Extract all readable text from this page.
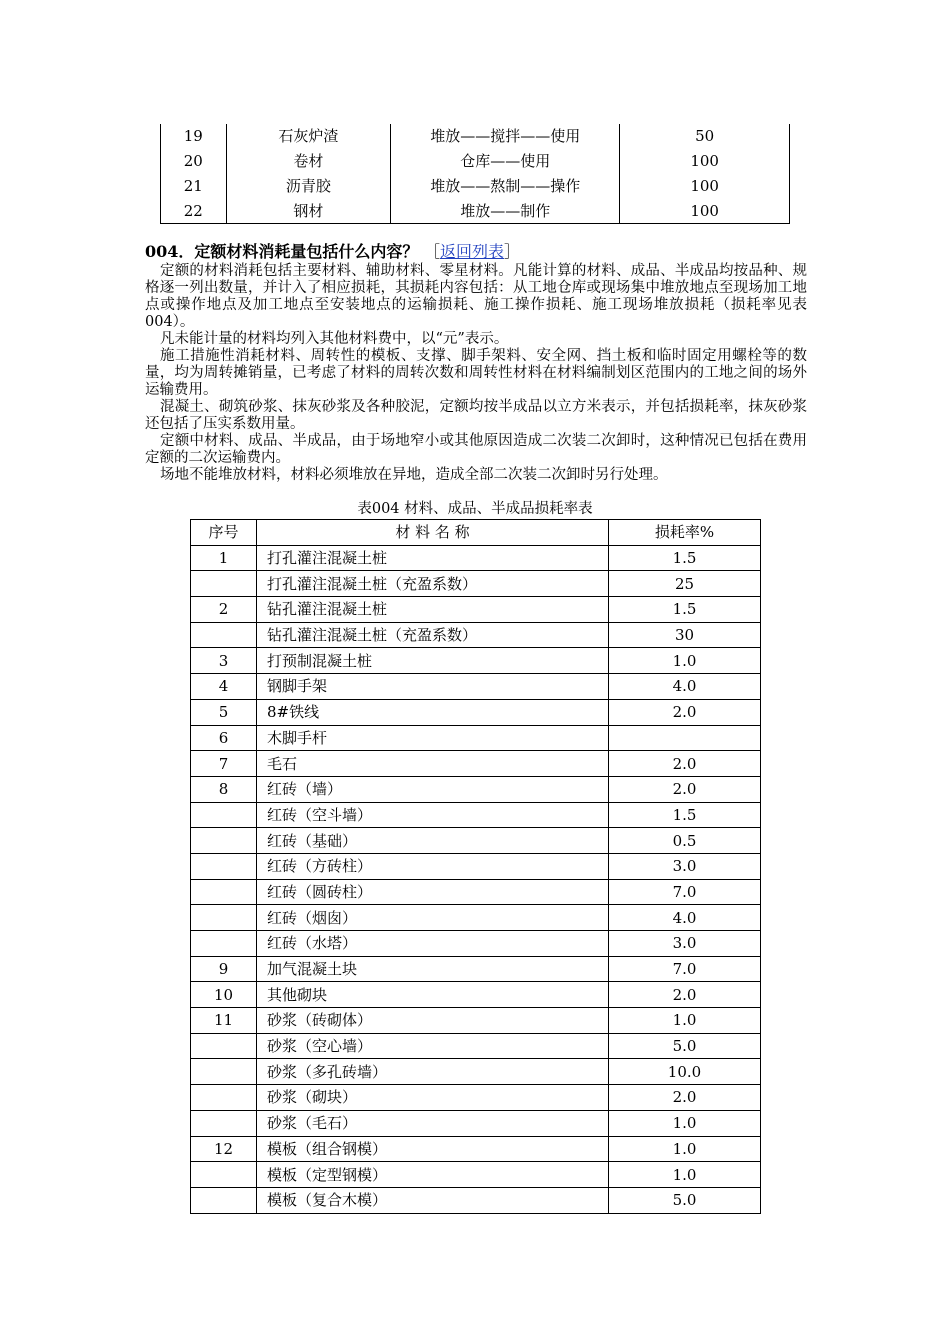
19	石灰炉渣	堆放——搅拌——使用	50
20	卷材	仓库——使用	100
21	沥青胶	堆放——熬制——操作	100
22	钢材	堆放——制作	100
004．定额材料消耗量包括什么内容？ ［返回列表］

定额的材料消耗包括主要材料、辅助材料、零星材料。凡能计算的材料、成品、半成品均按品种、规格逐一列出数量，并计入了相应损耗，其损耗内容包括：从工地仓库或现场集中堆放地点至现场加工地点或操作地点及加工地点至安装地点的运输损耗、施工操作损耗、施工现场堆放损耗（损耗率见表004）。

凡未能计量的材料均列入其他材料费中，以“元”表示。

施工措施性消耗材料、周转性的模板、支撑、脚手架料、安全网、挡土板和临时固定用螺栓等的数量，均为周转摊销量，已考虑了材料的周转次数和周转性材料在材料编制划区范围内的工地之间的场外运输费用。

混凝土、砌筑砂浆、抹灰砂浆及各种胶泥，定额均按半成品以立方米表示，并包括损耗率，抹灰砂浆还包括了压实系数用量。

定额中材料、成品、半成品，由于场地窄小或其他原因造成二次装二次卸时，这种情况已包括在费用定额的二次运输费内。

场地不能堆放材料，材料必须堆放在异地，造成全部二次装二次卸时另行处理。

表004 材料、成品、半成品损耗率表
序号	材 料 名 称	损耗率%
1	打孔灌注混凝土桩	1.5
	打孔灌注混凝土桩（充盈系数）	25
2	钻孔灌注混凝土桩	1.5
	钻孔灌注混凝土桩（充盈系数）	30
3	打预制混凝土桩	1.0
4	钢脚手架	4.0
5	8#铁线	2.0
6	木脚手杆	
7	毛石	2.0
8	红砖（墙）	2.0
	红砖（空斗墙）	1.5
	红砖（基础）	0.5
	红砖（方砖柱）	3.0
	红砖（圆砖柱）	7.0
	红砖（烟囱）	4.0
	红砖（水塔）	3.0
9	加气混凝土块	7.0
10	其他砌块	2.0
11	砂浆（砖砌体）	1.0
	砂浆（空心墙）	5.0
	砂浆（多孔砖墙）	10.0
	砂浆（砌块）	2.0
	砂浆（毛石）	1.0
12	模板（组合钢模）	1.0
	模板（定型钢模）	1.0
	模板（复合木模）	5.0
